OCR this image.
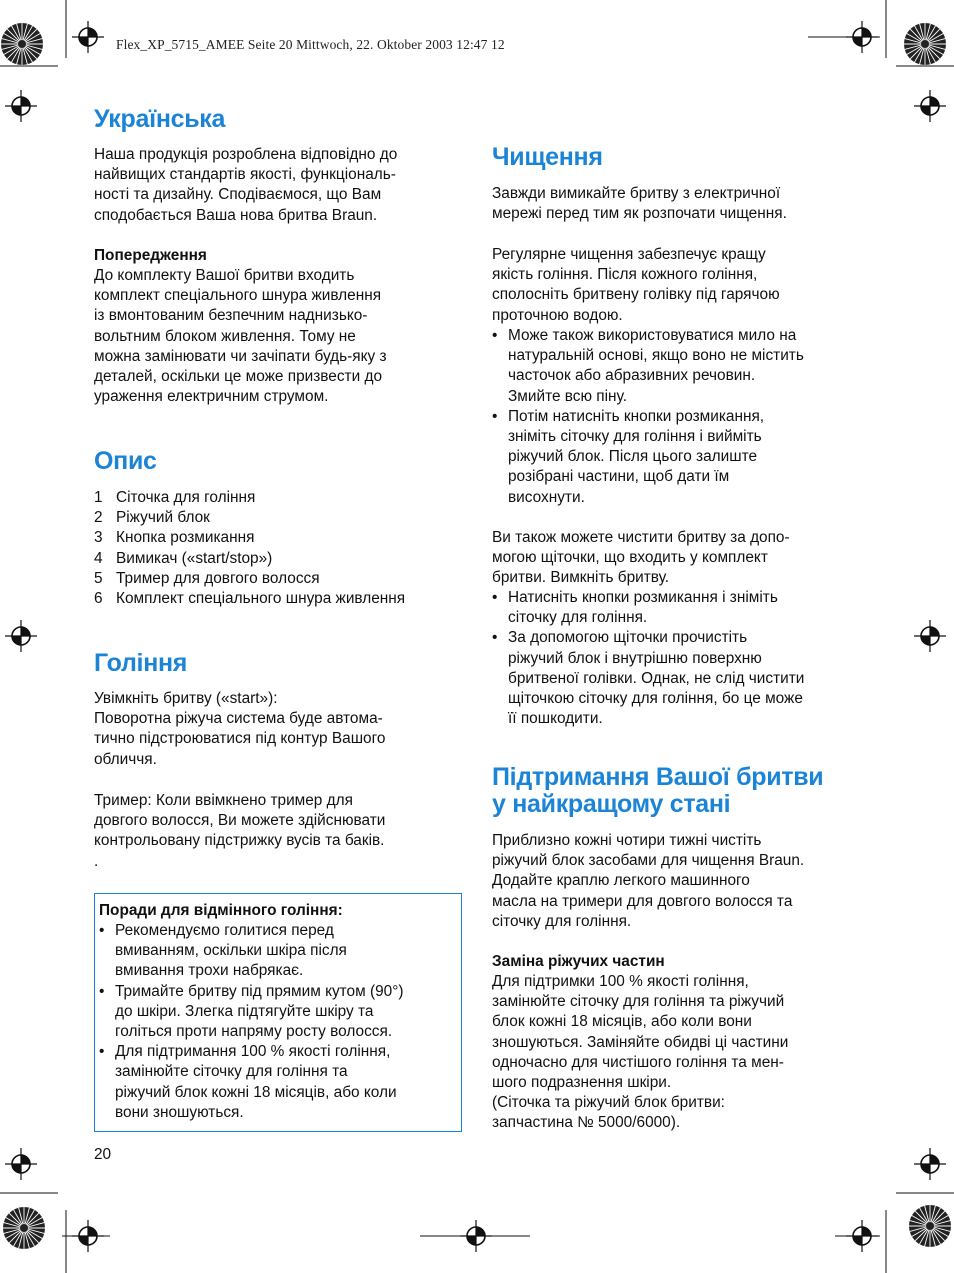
Flex_XP_5715_AMEE Seite 20 Mittwoch, 22. Oktober 2003 12:47 12
Українська

Наша продукція розроблена відповідно до
найвищих стандартів якості, функціональ-
ності та дизайну. Сподіваємося, що Вам
сподобається Ваша нова бритва Braun.

Попередження

До комплекту Вашої бритви входить
комплект спеціального шнура живлення
із вмонтованим безпечним наднизько-
вольтним блоком живлення. Тому не
можна замінювати чи зачіпати будь-яку з
деталей, оскільки це може призвести до
ураження електричним струмом.

Опис
1 Сіточка для гоління
2 Ріжучий блок
3 Кнопка розмикання
4 Вимикач («start/stop»)
5 Тример для довгого волосся
6 Комплект спеціального шнура живлення
Гоління

Увімкніть бритву («start»):
Поворотна ріжуча система буде автома-
тично підстроюватися під контур Вашого
обличчя.

Тример: Коли ввімкнено тример для
довгого волосся, Ви можете здійснювати
контрольовану підстрижку вусів та баків.
.

Поради для відмінного гоління:

• Рекомендуємо голитися перед
вмиванням, оскільки шкіра після
вмивання трохи набрякає.
• Тримайте бритву під прямим кутом (90°)
до шкіри. Злегка підтягуйте шкіру та
голіться проти напряму росту волосся.
• Для підтримання 100 % якості гоління,
замінюйте сіточку для гоління та
ріжучий блок кожні 18 місяців, або коли
вони зношуються.
20
Чищення

Завжди вимикайте бритву з електричної
мережі перед тим як розпочати чищення.

Регулярне чищення забезпечує кращу
якість гоління. Після кожного гоління,
сполосніть бритвену голівку під гарячою
проточною водою.

• Може також використовуватися мило на
натуральній основі, якщо воно не містить
часточок або абразивних речовин.
Змийте всю піну.
• Потім натисніть кнопки розмикання,
зніміть сіточку для гоління і вийміть
ріжучий блок. Після цього залиште
розібрані частини, щоб дати їм
висохнути.

Ви також можете чистити бритву за допо-
могою щіточки, що входить у комплект
бритви. Вимкніть бритву.

• Натисніть кнопки розмикання і зніміть
сіточку для гоління.
• За допомогою щіточки прочистіть
ріжучий блок і внутрішню поверхню
бритвеної голівки. Однак, не слід чистити
щіточкою сіточку для гоління, бо це може
її пошкодити.
Підтримання Вашої бритви
у найкращому стані

Приблизно кожні чотири тижні чистіть
ріжучий блок засобами для чищення Braun.
Додайте краплю легкого машинного
масла на тримери для довгого волосся та
сіточку для гоління.

Заміна ріжучих частин

Для підтримки 100 % якості гоління,
замінюйте сіточку для гоління та ріжучий
блок кожні 18 місяців, або коли вони
зношуються. Заміняйте обидві ці частини
одночасно для чистішого гоління та мен-
шого подразнення шкіри.
(Сіточка та ріжучий блок бритви:
запчастина № 5000/6000).
